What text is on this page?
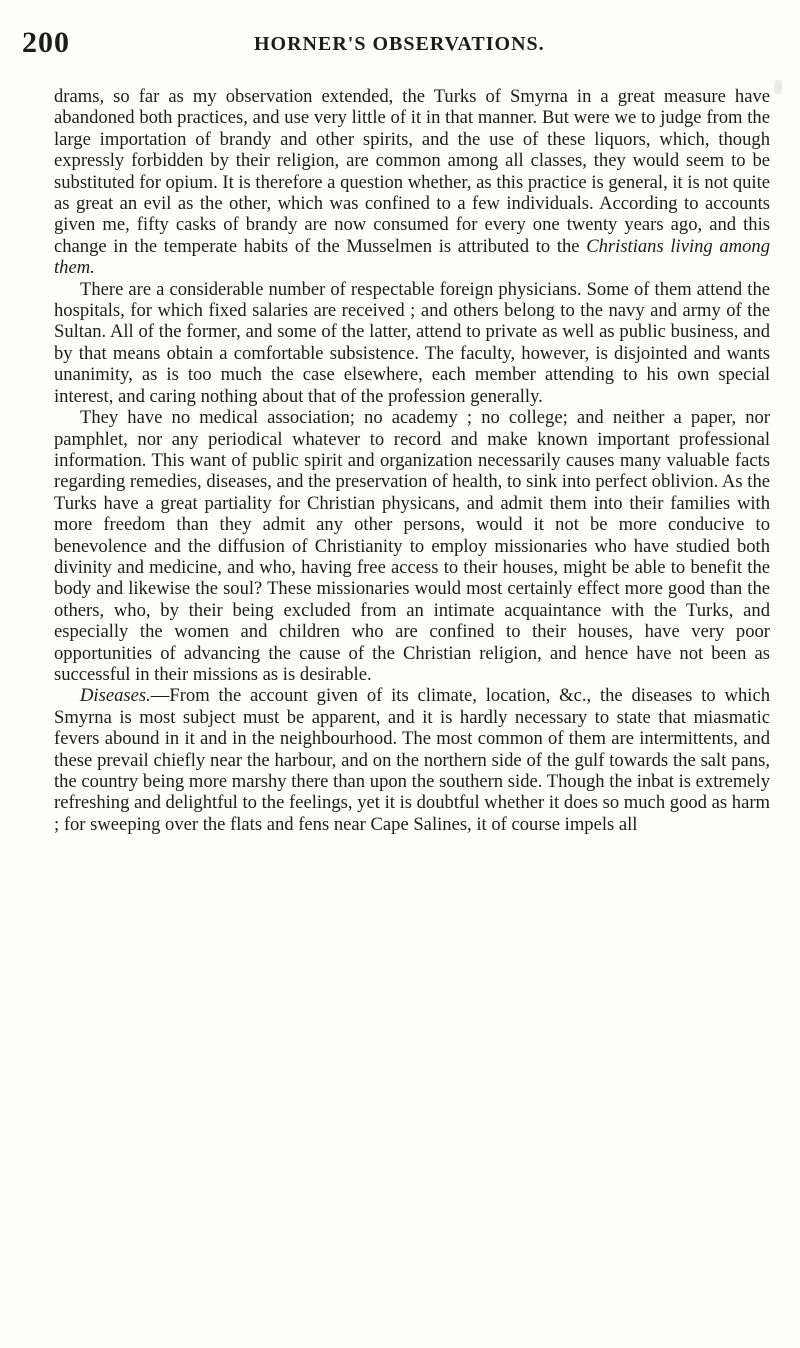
200	HORNER'S OBSERVATIONS.

drams, so far as my observation extended, the Turks of Smyrna in a great measure have abandoned both practices, and use very little of it in that manner. But were we to judge from the large importation of brandy and other spirits, and the use of these liquors, which, though expressly forbidden by their religion, are common among all classes, they would seem to be substituted for opium. It is therefore a question whether, as this practice is general, it is not quite as great an evil as the other, which was confined to a few individuals. According to accounts given me, fifty casks of brandy are now consumed for every one twenty years ago, and this change in the temperate habits of the Musselmen is attributed to the Christians living among them.

There are a considerable number of respectable foreign physicians. Some of them attend the hospitals, for which fixed salaries are received ; and others belong to the navy and army of the Sultan. All of the former, and some of the latter, attend to private as well as public business, and by that means obtain a comfortable subsistence. The faculty, however, is disjointed and wants unanimity, as is too much the case elsewhere, each member attending to his own special interest, and caring nothing about that of the profession generally.

They have no medical association; no academy ; no college; and neither a paper, nor pamphlet, nor any periodical whatever to record and make known important professional information. This want of public spirit and organization necessarily causes many valuable facts regarding remedies, diseases, and the preservation of health, to sink into perfect oblivion. As the Turks have a great partiality for Christian physicans, and admit them into their families with more freedom than they admit any other persons, would it not be more conducive to benevolence and the diffusion of Christianity to employ missionaries who have studied both divinity and medicine, and who, having free access to their houses, might be able to benefit the body and likewise the soul? These missionaries would most certainly effect more good than the others, who, by their being excluded from an intimate acquaintance with the Turks, and especially the women and children who are confined to their houses, have very poor opportunities of advancing the cause of the Christian religion, and hence have not been as successful in their missions as is desirable.

Diseases.—From the account given of its climate, location, &c., the diseases to which Smyrna is most subject must be apparent, and it is hardly necessary to state that miasmatic fevers abound in it and in the neighbourhood. The most common of them are intermittents, and these prevail chiefly near the harbour, and on the northern side of the gulf towards the salt pans, the country being more marshy there than upon the southern side. Though the inbat is extremely refreshing and delightful to the feelings, yet it is doubtful whether it does so much good as harm ; for sweeping over the flats and fens near Cape Salines, it of course impels all
